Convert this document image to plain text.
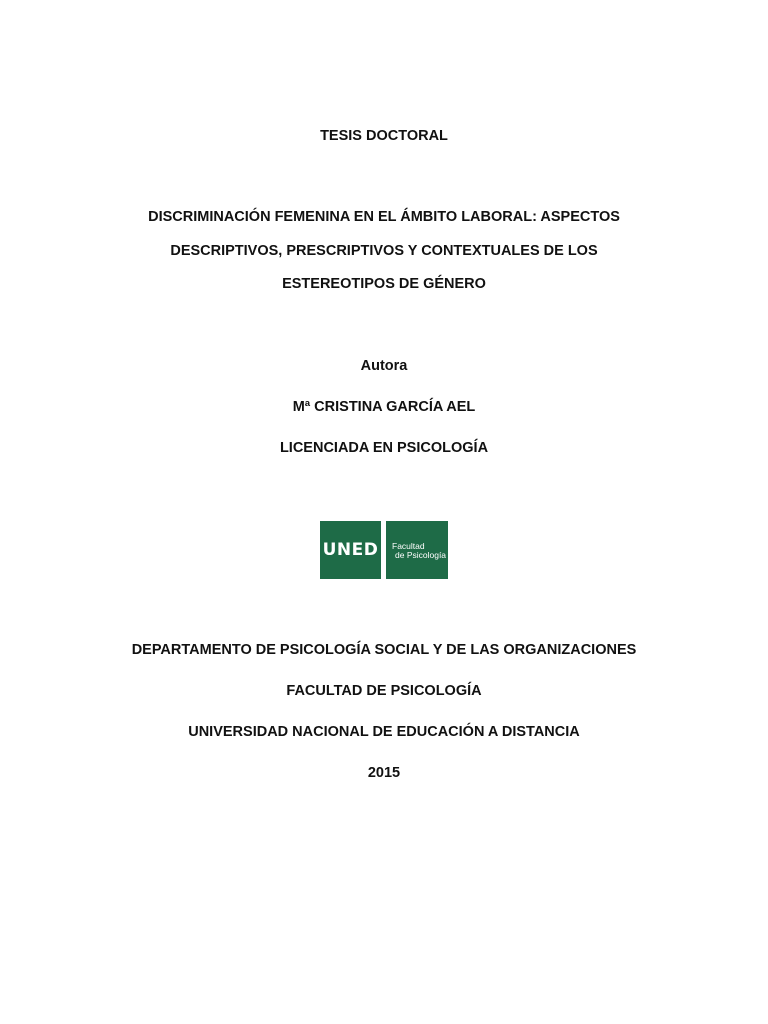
TESIS DOCTORAL
DISCRIMINACIÓN FEMENINA EN EL ÁMBITO LABORAL: ASPECTOS
DESCRIPTIVOS, PRESCRIPTIVOS Y CONTEXTUALES DE LOS
ESTEREOTIPOS DE GÉNERO
Autora
Mª CRISTINA GARCÍA AEL
LICENCIADA EN PSICOLOGÍA
UNED	Facultad
de Psicología
DEPARTAMENTO DE PSICOLOGÍA SOCIAL Y DE LAS ORGANIZACIONES
FACULTAD DE PSICOLOGÍA
UNIVERSIDAD NACIONAL DE EDUCACIÓN A DISTANCIA
2015
